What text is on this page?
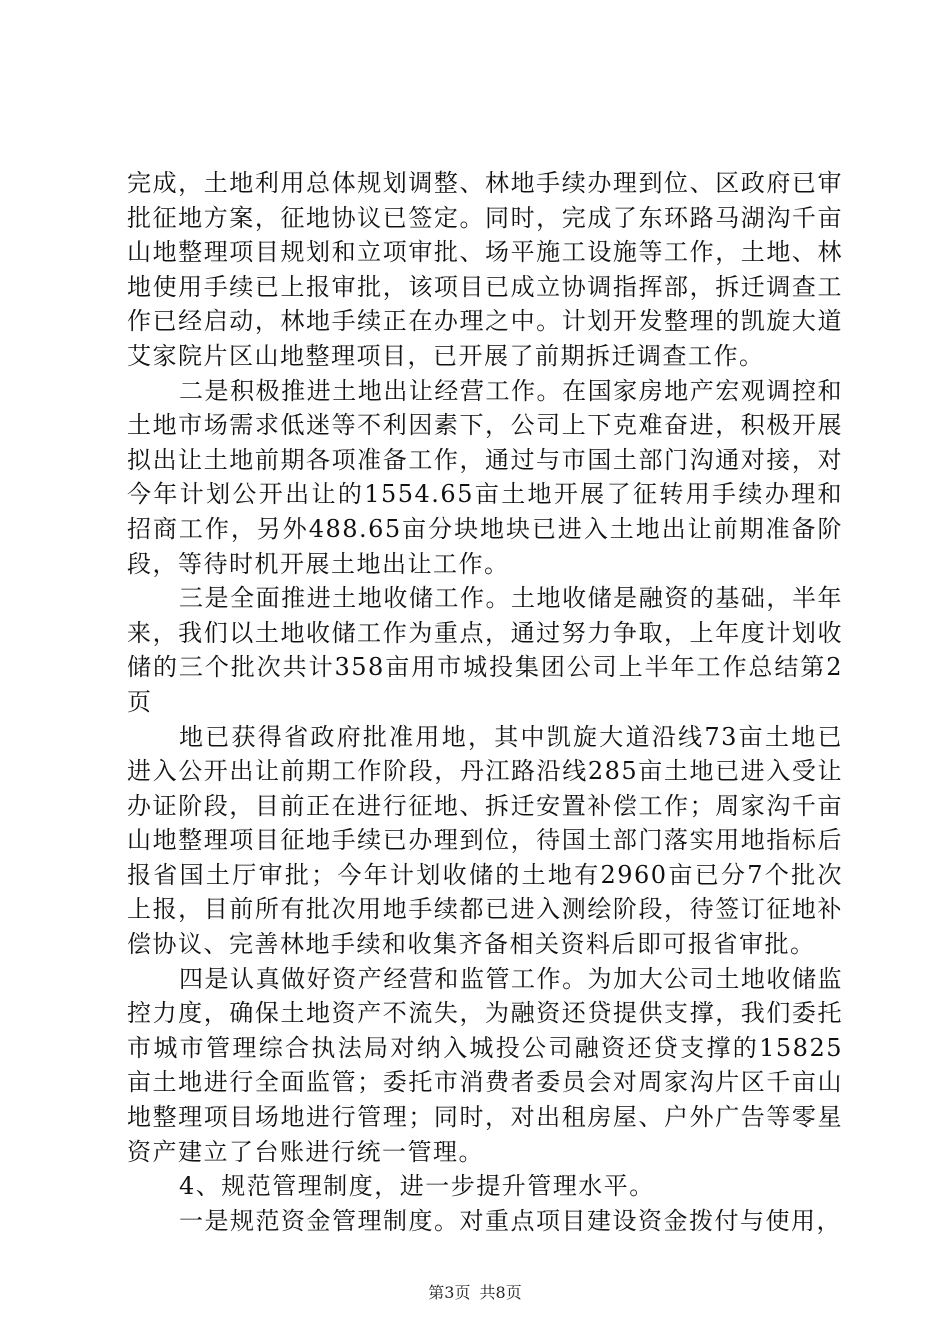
完成，土地利用总体规划调整、林地手续办理到位、区政府已审批征地方案，征地协议已签定。同时，完成了东环路马湖沟千亩山地整理项目规划和立项审批、场平施工设施等工作，土地、林地使用手续已上报审批，该项目已成立协调指挥部，拆迁调查工作已经启动，林地手续正在办理之中。计划开发整理的凯旋大道艾家院片区山地整理项目，已开展了前期拆迁调查工作。

二是积极推进土地出让经营工作。在国家房地产宏观调控和土地市场需求低迷等不利因素下，公司上下克难奋进，积极开展拟出让土地前期各项准备工作，通过与市国土部门沟通对接，对今年计划公开出让的1554.65亩土地开展了征转用手续办理和招商工作，另外488.65亩分块地块已进入土地出让前期准备阶段，等待时机开展土地出让工作。

三是全面推进土地收储工作。土地收储是融资的基础，半年来，我们以土地收储工作为重点，通过努力争取，上年度计划收储的三个批次共计358亩用市城投集团公司上半年工作总结第2页

地已获得省政府批准用地，其中凯旋大道沿线73亩土地已进入公开出让前期工作阶段，丹江路沿线285亩土地已进入受让办证阶段，目前正在进行征地、拆迁安置补偿工作；周家沟千亩山地整理项目征地手续已办理到位，待国土部门落实用地指标后报省国土厅审批；今年计划收储的土地有2960亩已分7个批次上报，目前所有批次用地手续都已进入测绘阶段，待签订征地补偿协议、完善林地手续和收集齐备相关资料后即可报省审批。

四是认真做好资产经营和监管工作。为加大公司土地收储监控力度，确保土地资产不流失，为融资还贷提供支撑，我们委托市城市管理综合执法局对纳入城投公司融资还贷支撑的15825亩土地进行全面监管；委托市消费者委员会对周家沟片区千亩山地整理项目场地进行管理；同时，对出租房屋、户外广告等零星资产建立了台账进行统一管理。

4、规范管理制度，进一步提升管理水平。

一是规范资金管理制度。对重点项目建设资金拨付与使用，

第3页 共8页
